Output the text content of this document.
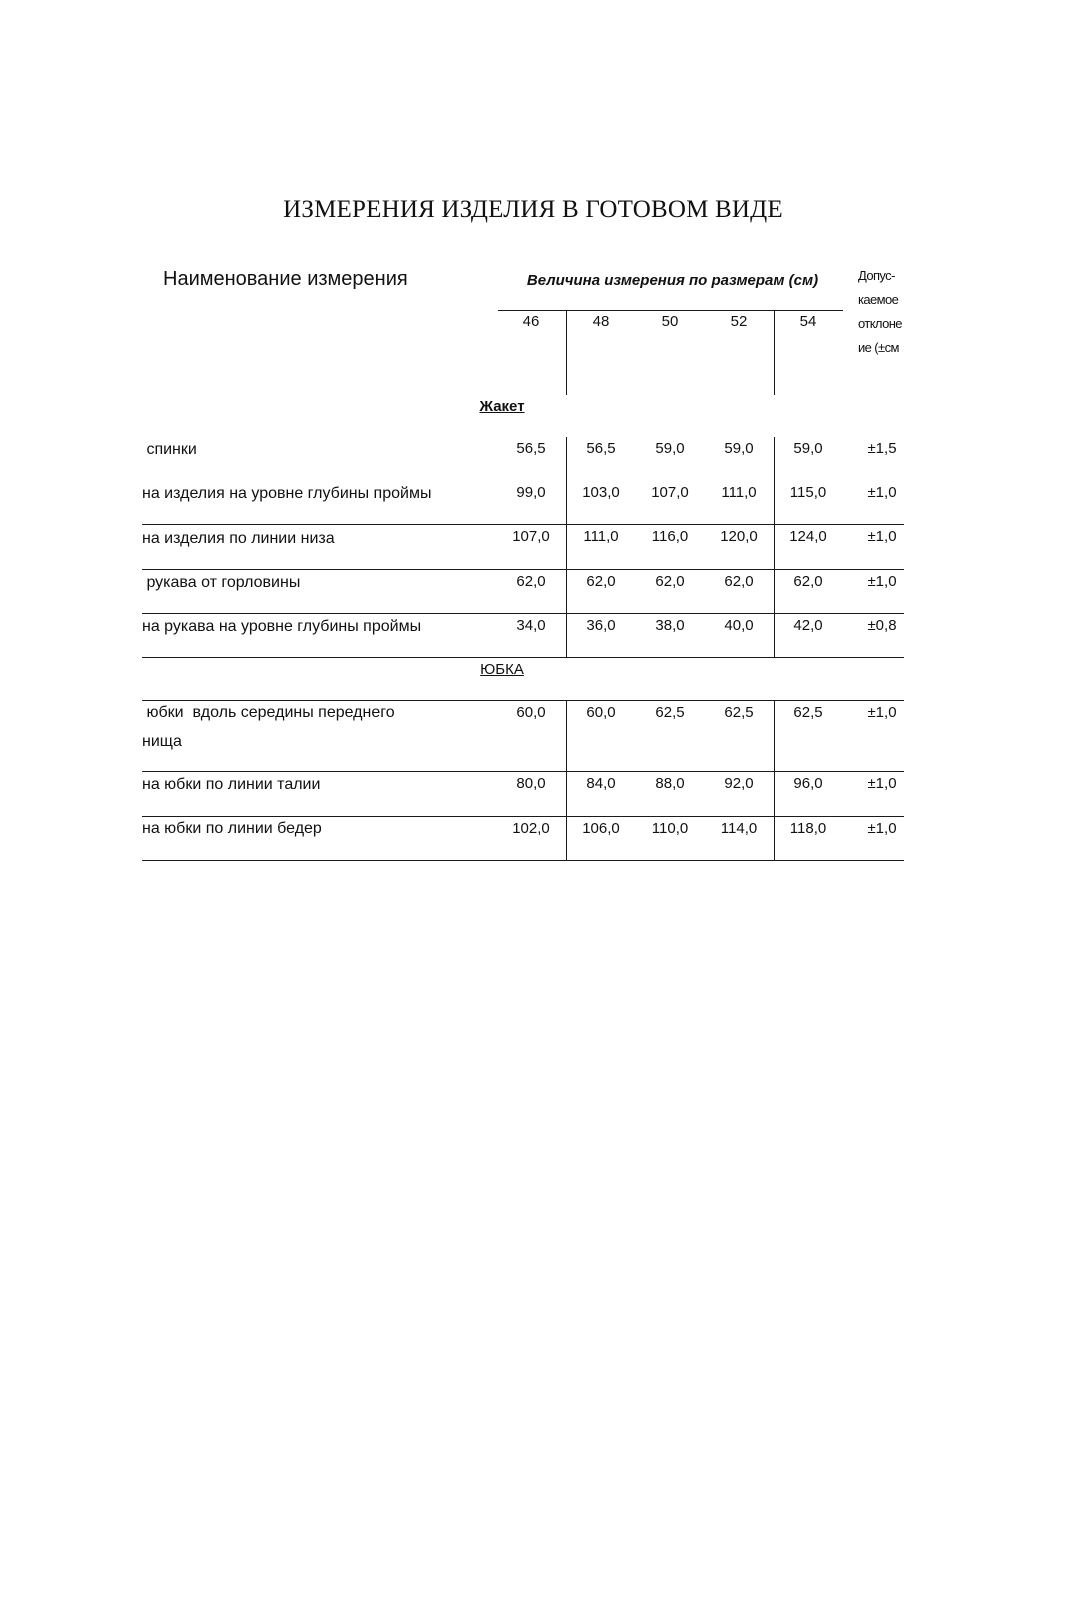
ИЗМЕРЕНИЯ ИЗДЕЛИЯ В ГОТОВОМ ВИДЕ
Наименование измерения	Величина измерения по размерам (см)	Допус-
каемое
отклоне
ие (±см
46	48	50	52	54
Жакет
спинки	56,5	56,5	59,0	59,0	59,0	±1,5
на изделия на уровне глубины проймы	99,0	103,0	107,0	111,0	115,0	±1,0
на изделия по линии низа	107,0	111,0	116,0	120,0	124,0	±1,0
рукава от горловины	62,0	62,0	62,0	62,0	62,0	±1,0
на рукава на уровне глубины проймы	34,0	36,0	38,0	40,0	42,0	±0,8
ЮБКА
юбки  вдоль середины переднего
нища
60,0	60,0	62,5	62,5	62,5	±1,0
на юбки по линии талии	80,0	84,0	88,0	92,0	96,0	±1,0
на юбки по линии бедер	102,0	106,0	110,0	114,0	118,0	±1,0
